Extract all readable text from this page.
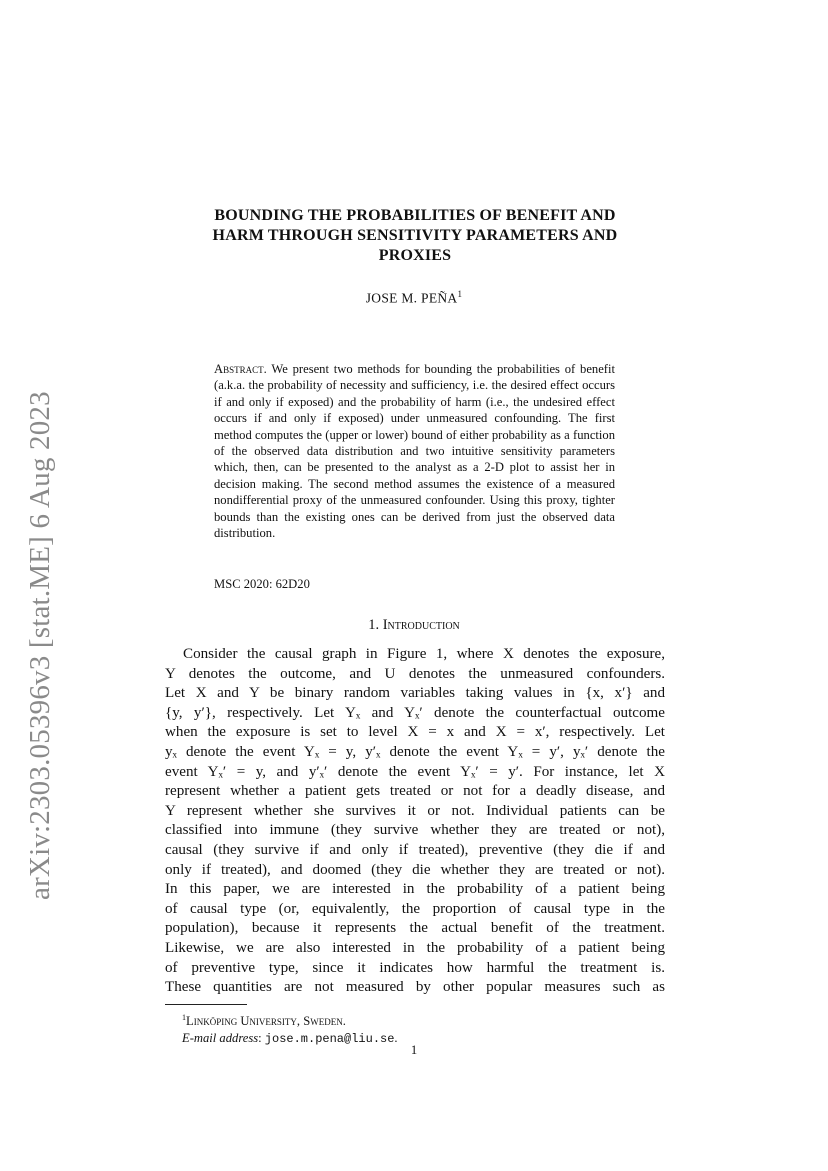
arXiv:2303.05396v3 [stat.ME] 6 Aug 2023
BOUNDING THE PROBABILITIES OF BENEFIT AND
HARM THROUGH SENSITIVITY PARAMETERS AND
PROXIES
JOSE M. PEÑA$^1$
Abstract. We present two methods for bounding the probabilities of benefit (a.k.a. the probability of necessity and sufficiency, i.e. the desired effect occurs if and only if exposed) and the probability of harm (i.e., the undesired effect occurs if and only if exposed) under unmeasured confounding. The first method computes the (upper or lower) bound of either probability as a function of the observed data distribution and two intuitive sensitivity parameters which, then, can be presented to the analyst as a 2-D plot to assist her in decision making. The second method assumes the existence of a measured nondifferential proxy of the unmeasured confounder. Using this proxy, tighter bounds than the existing ones can be derived from just the observed data distribution.
MSC 2020: 62D20
1. Introduction
Consider the causal graph in Figure 1, where X denotes the exposure,
Y denotes the outcome, and U denotes the unmeasured confounders.
Let X and Y be binary random variables taking values in {x, x′} and
{y, y′}, respectively. Let Yₓ and Yₓ′ denote the counterfactual outcome
when the exposure is set to level X = x and X = x′, respectively. Let
yₓ denote the event Yₓ = y, y′ₓ denote the event Yₓ = y′, yₓ′ denote the
event Yₓ′ = y, and y′ₓ′ denote the event Yₓ′ = y′. For instance, let X
represent whether a patient gets treated or not for a deadly disease, and
Y represent whether she survives it or not. Individual patients can be
classified into immune (they survive whether they are treated or not),
causal (they survive if and only if treated), preventive (they die if and
only if treated), and doomed (they die whether they are treated or not).
In this paper, we are interested in the probability of a patient being
of causal type (or, equivalently, the proportion of causal type in the
population), because it represents the actual benefit of the treatment.
Likewise, we are also interested in the probability of a patient being
of preventive type, since it indicates how harmful the treatment is.
These quantities are not measured by other popular measures such as
$^1$Linköping University, Sweden.
E-mail address: jose.m.pena@liu.se.
1
